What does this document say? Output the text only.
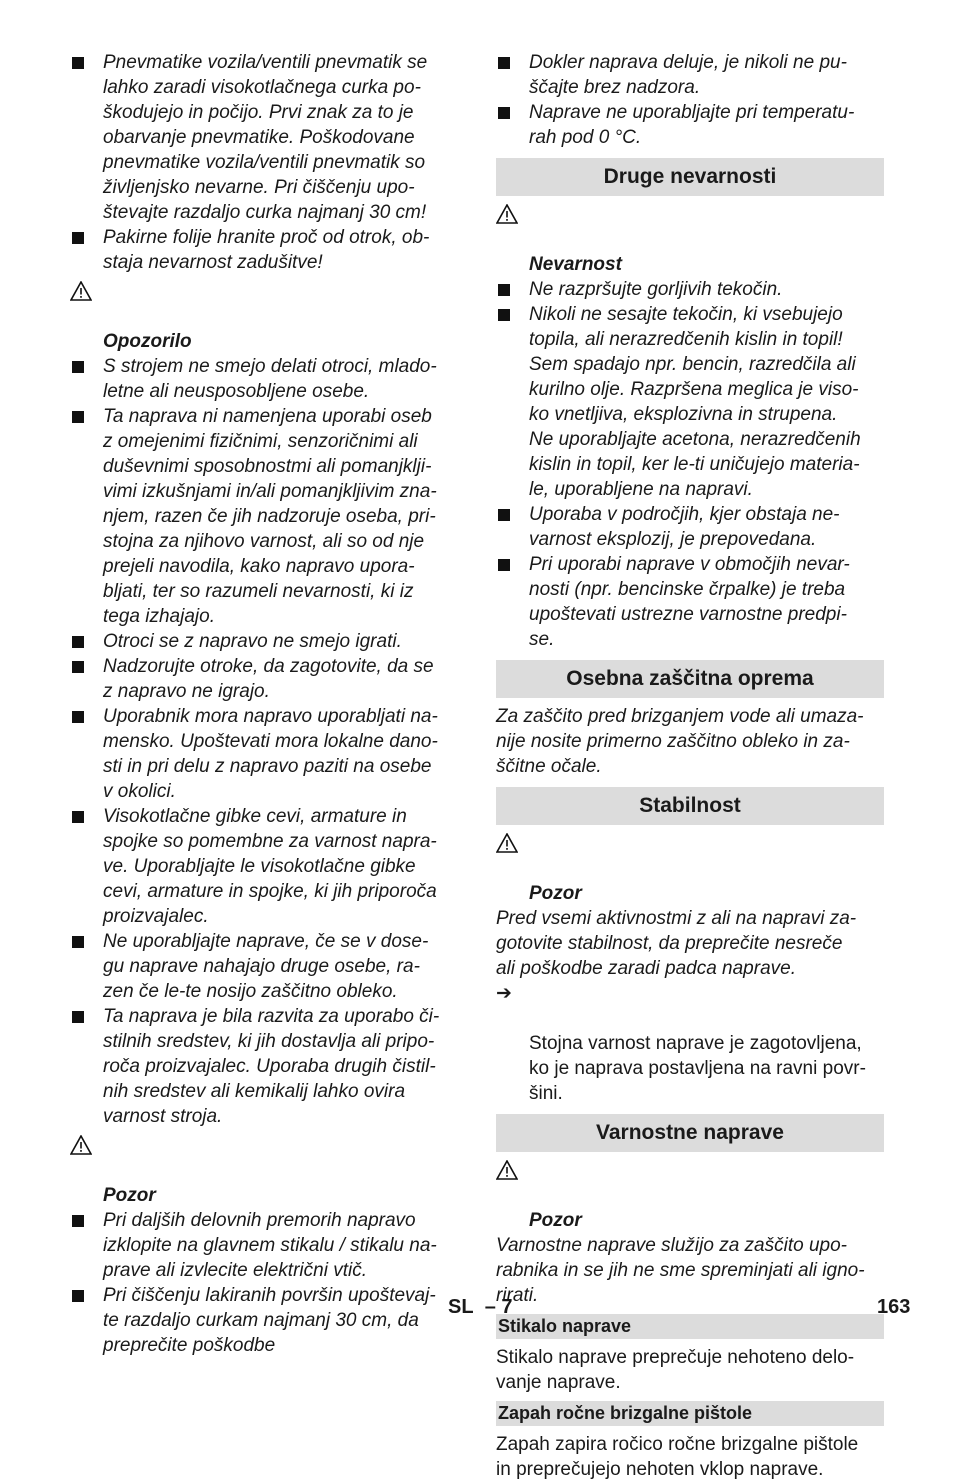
Pnevmatike vozila/ventili pnevmatik se
lahko zaradi visokotlačnega curka po-
škodujejo in počijo. Prvi znak za to je
obarvanje pnevmatike. Poškodovane
pnevmatike vozila/ventili pnevmatik so
življenjsko nevarne. Pri čiščenju upo-
števajte razdaljo curka najmanj 30 cm!
Pakirne folije hranite proč od otrok, ob-
staja nevarnost zadušitve!

Opozorilo

S strojem ne smejo delati otroci, mlado-
letne ali neusposobljene osebe.
Ta naprava ni namenjena uporabi oseb
z omejenimi fizičnimi, senzoričnimi ali
duševnimi sposobnostmi ali pomanjklji-
vimi izkušnjami in/ali pomanjkljivim zna-
njem, razen če jih nadzoruje oseba, pri-
stojna za njihovo varnost, ali so od nje
prejeli navodila, kako napravo upora-
bljati, ter so razumeli nevarnosti, ki iz
tega izhajajo.
Otroci se z napravo ne smejo igrati.
Nadzorujte otroke, da zagotovite, da se
z napravo ne igrajo.
Uporabnik mora napravo uporabljati na-
mensko. Upoštevati mora lokalne dano-
sti in pri delu z napravo paziti na osebe
v okolici.
Visokotlačne gibke cevi, armature in
spojke so pomembne za varnost napra-
ve. Uporabljajte le visokotlačne gibke
cevi, armature in spojke, ki jih priporoča
proizvajalec.
Ne uporabljajte naprave, če se v dose-
gu naprave nahajajo druge osebe, ra-
zen če le-te nosijo zaščitno obleko.
Ta naprava je bila razvita za uporabo či-
stilnih sredstev, ki jih dostavlja ali pripo-
roča proizvajalec. Uporaba drugih čistil-
nih sredstev ali kemikalij lahko ovira
varnost stroja.

Pozor

Pri daljših delovnih premorih napravo
izklopite na glavnem stikalu / stikalu na-
prave ali izvlecite električni vtič.
Pri čiščenju lakiranih površin upoštevaj-
te razdaljo curkam najmanj 30 cm, da
preprečite poškodbe
Dokler naprava deluje, je nikoli ne pu-
ščajte brez nadzora.
Naprave ne uporabljajte pri temperatu-
rah pod 0 °C.
Druge nevarnosti

Nevarnost

Ne razpršujte gorljivih tekočin.
Nikoli ne sesajte tekočin, ki vsebujejo
topila, ali nerazredčenih kislin in topil!
Sem spadajo npr. bencin, razredčila ali
kurilno olje. Razpršena meglica je viso-
ko vnetljiva, eksplozivna in strupena.
Ne uporabljajte acetona, nerazredčenih
kislin in topil, ker le-ti uničujejo materia-
le, uporabljene na napravi.
Uporaba v področjih, kjer obstaja ne-
varnost eksplozij, je prepovedana.
Pri uporabi naprave v območjih nevar-
nosti (npr. bencinske črpalke) je treba
upoštevati ustrezne varnostne predpi-
se.
Osebna zaščitna oprema
Za zaščito pred brizganjem vode ali umaza-
nije nosite primerno zaščitno obleko in za-
ščitne očale.
Stabilnost

Pozor

Pred vsemi aktivnostmi z ali na napravi za-
gotovite stabilnost, da preprečite nesreče
ali poškodbe zaradi padca naprave.

➔

Stojna varnost naprave je zagotovljena,
ko je naprava postavljena na ravni povr-
šini.

Varnostne naprave

Pozor

Varnostne naprave služijo za zaščito upo-
rabnika in se jih ne sme spreminjati ali igno-
rirati.
Stikalo naprave
Stikalo naprave preprečuje nehoteno delo-
vanje naprave.
Zapah ročne brizgalne pištole
Zapah zapira ročico ročne brizgalne pištole
in preprečujejo nehoten vklop naprave.
SL – 7	163
